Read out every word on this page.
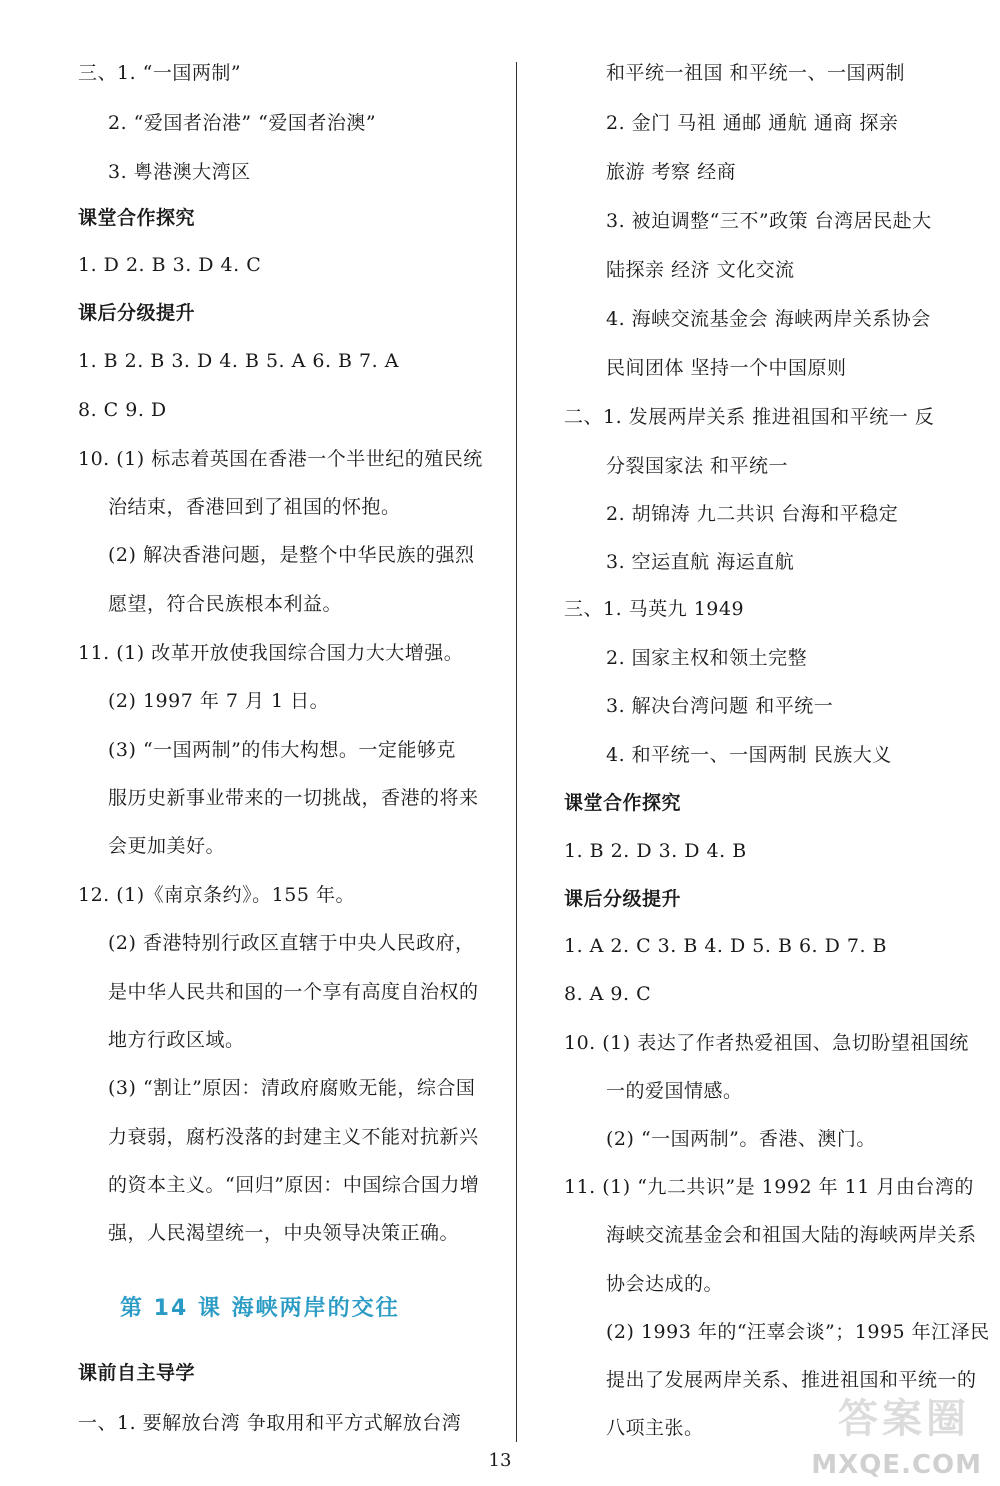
三、1. “一国两制”
2. “爱国者治港” “爱国者治澳”
3. 粤港澳大湾区
课堂合作探究
1. D 2. B 3. D 4. C
课后分级提升
1. B 2. B 3. D 4. B 5. A 6. B 7. A
8. C 9. D
10. (1) 标志着英国在香港一个半世纪的殖民统
治结束，香港回到了祖国的怀抱。
(2) 解决香港问题，是整个中华民族的强烈
愿望，符合民族根本利益。
11. (1) 改革开放使我国综合国力大大增强。
(2) 1997 年 7 月 1 日。
(3) “一国两制”的伟大构想。一定能够克
服历史新事业带来的一切挑战，香港的将来
会更加美好。
12. (1)《南京条约》。155 年。
(2) 香港特别行政区直辖于中央人民政府，
是中华人民共和国的一个享有高度自治权的
地方行政区域。
(3) “割让”原因：清政府腐败无能，综合国
力衰弱，腐朽没落的封建主义不能对抗新兴
的资本主义。“回归”原因：中国综合国力增
强，人民渴望统一，中央领导决策正确。
第 14 课 海峡两岸的交往
课前自主导学
一、1. 要解放台湾 争取用和平方式解放台湾
和平统一祖国 和平统一、一国两制
2. 金门 马祖 通邮 通航 通商 探亲
旅游 考察 经商
3. 被迫调整“三不”政策 台湾居民赴大
陆探亲 经济 文化交流
4. 海峡交流基金会 海峡两岸关系协会
民间团体 坚持一个中国原则
二、1. 发展两岸关系 推进祖国和平统一 反
分裂国家法 和平统一
2. 胡锦涛 九二共识 台海和平稳定
3. 空运直航 海运直航
三、1. 马英九 1949
2. 国家主权和领土完整
3. 解决台湾问题 和平统一
4. 和平统一、一国两制 民族大义
课堂合作探究
1. B 2. D 3. D 4. B
课后分级提升
1. A 2. C 3. B 4. D 5. B 6. D 7. B
8. A 9. C
10. (1) 表达了作者热爱祖国、急切盼望祖国统
一的爱国情感。
(2) “一国两制”。香港、澳门。
11. (1) “九二共识”是 1992 年 11 月由台湾的
海峡交流基金会和祖国大陆的海峡两岸关系
协会达成的。
(2) 1993 年的“汪辜会谈”；1995 年江泽民
提出了发展两岸关系、推进祖国和平统一的
八项主张。
13
答案圈
MXQE.COM
